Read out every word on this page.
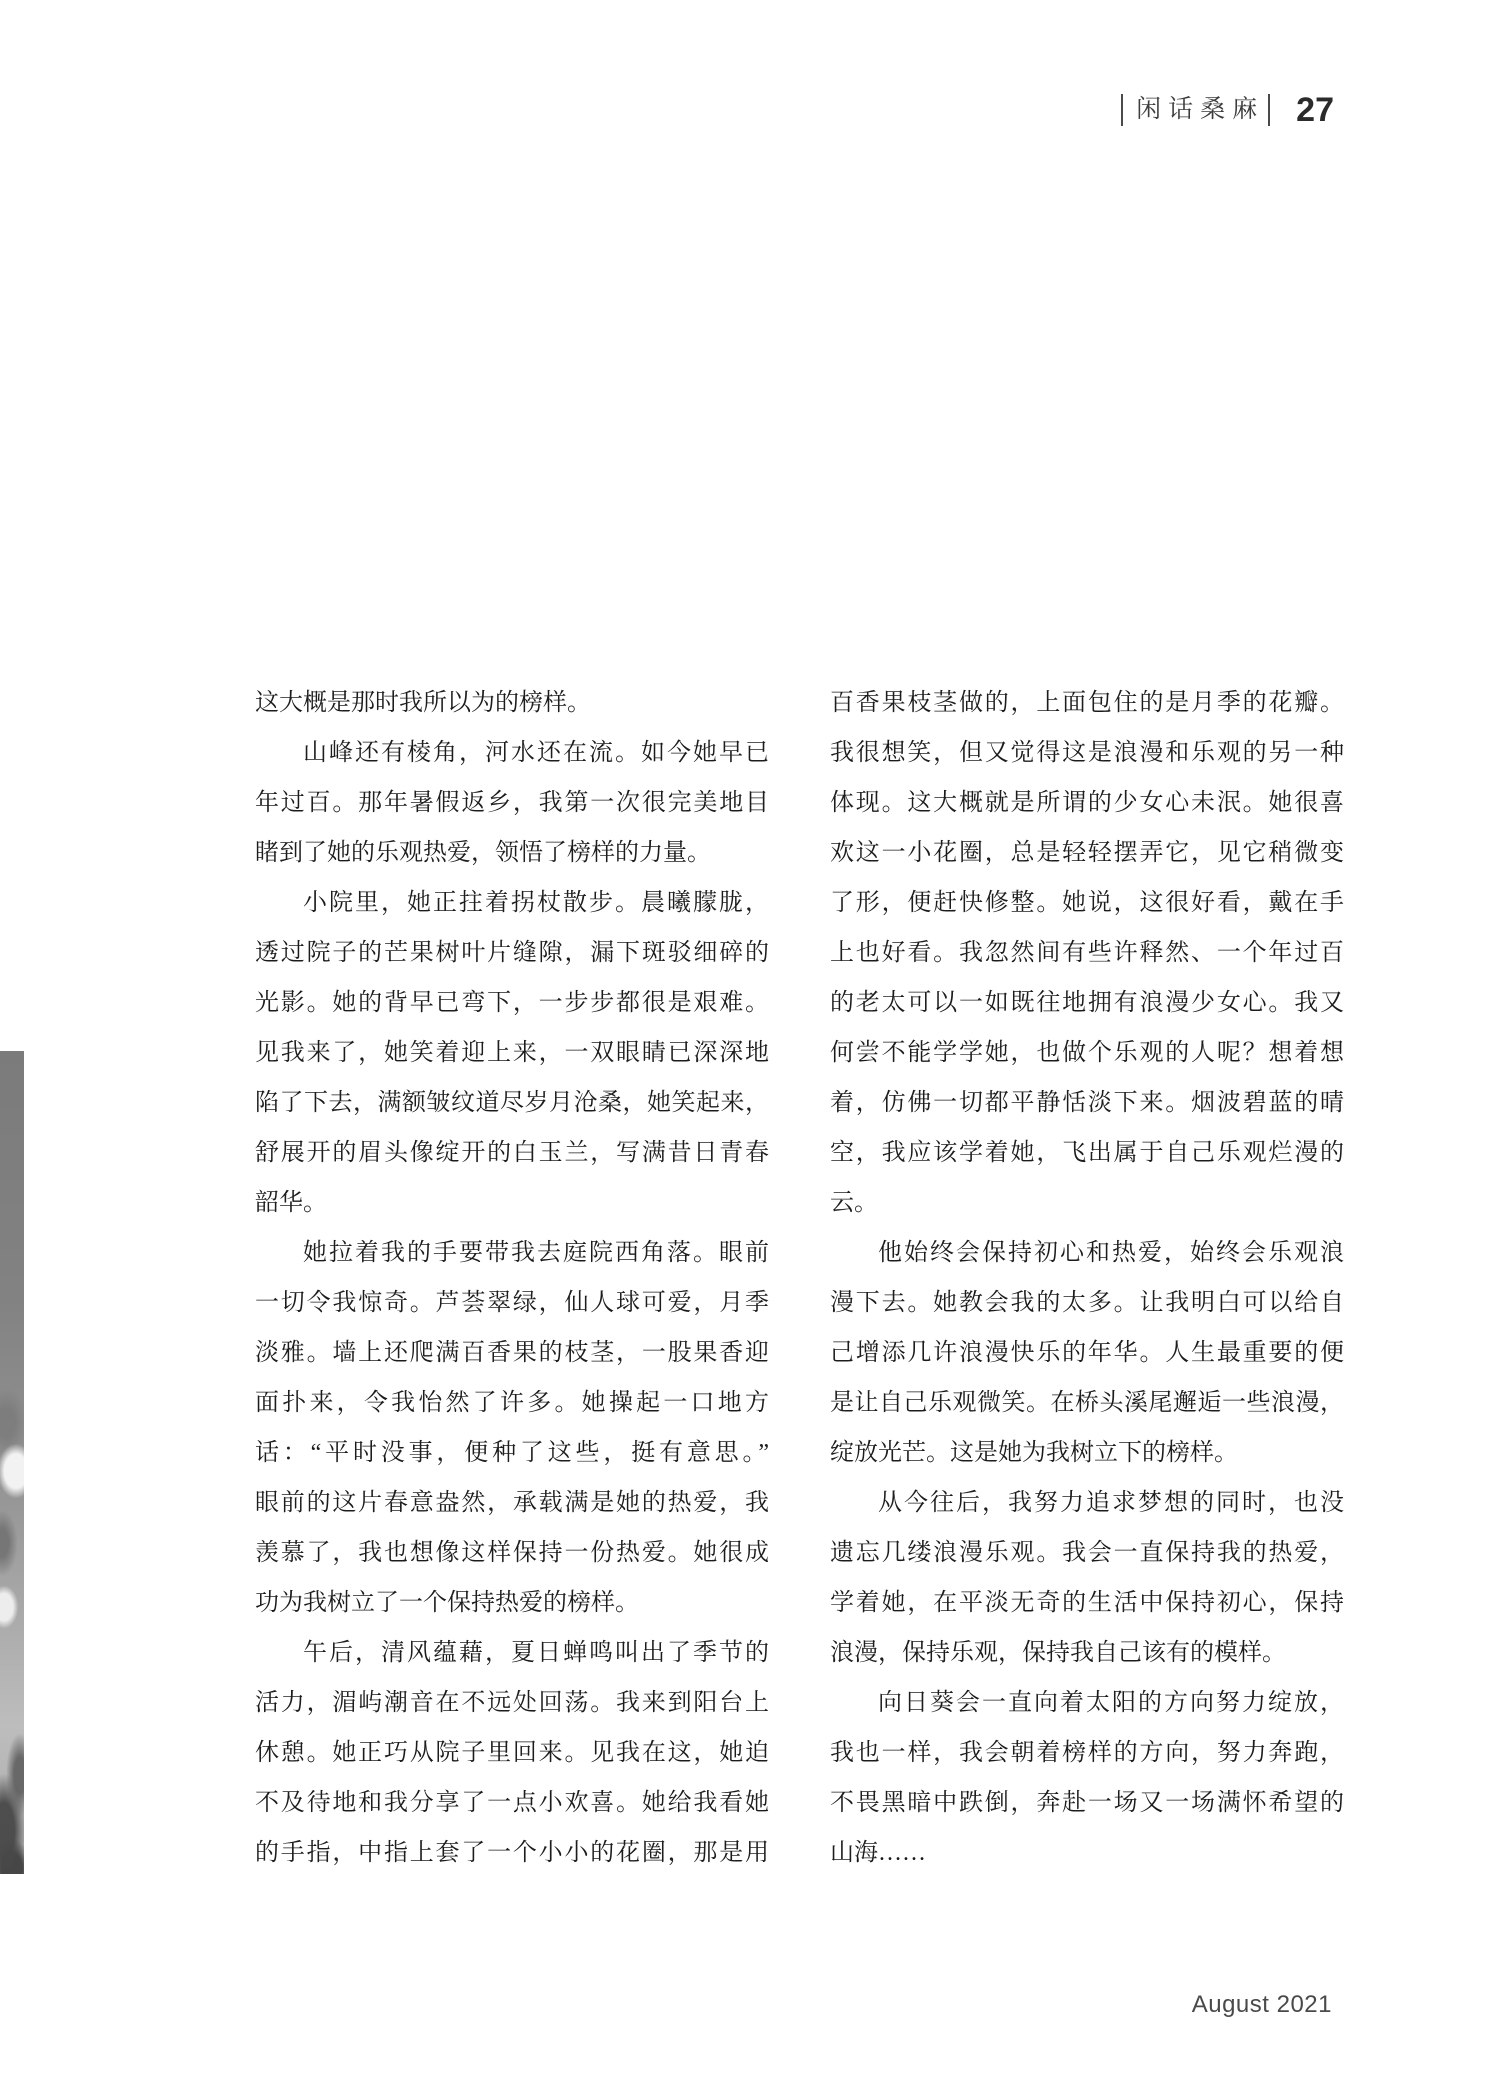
闲话桑麻 27

这大概是那时我所以为的榜样。

山峰还有棱角，河水还在流。如今她早已

年过百。那年暑假返乡，我第一次很完美地目

睹到了她的乐观热爱，领悟了榜样的力量。

小院里，她正拄着拐杖散步。晨曦朦胧，

透过院子的芒果树叶片缝隙，漏下斑驳细碎的

光影。她的背早已弯下，一步步都很是艰难。

见我来了，她笑着迎上来，一双眼睛已深深地

陷了下去，满额皱纹道尽岁月沧桑，她笑起来，

舒展开的眉头像绽开的白玉兰，写满昔日青春

韶华。

她拉着我的手要带我去庭院西角落。眼前

一切令我惊奇。芦荟翠绿，仙人球可爱，月季

淡雅。墙上还爬满百香果的枝茎，一股果香迎

面扑来，令我怡然了许多。她操起一口地方

话：“平时没事，便种了这些，挺有意思。”

眼前的这片春意盎然，承载满是她的热爱，我

羡慕了，我也想像这样保持一份热爱。她很成

功为我树立了一个保持热爱的榜样。

午后，清风蕴藉，夏日蝉鸣叫出了季节的

活力，湄屿潮音在不远处回荡。我来到阳台上

休憩。她正巧从院子里回来。见我在这，她迫

不及待地和我分享了一点小欢喜。她给我看她

的手指，中指上套了一个小小的花圈，那是用

百香果枝茎做的，上面包住的是月季的花瓣。

我很想笑，但又觉得这是浪漫和乐观的另一种

体现。这大概就是所谓的少女心未泯。她很喜

欢这一小花圈，总是轻轻摆弄它，见它稍微变

了形，便赶快修整。她说，这很好看，戴在手

上也好看。我忽然间有些许释然、一个年过百

的老太可以一如既往地拥有浪漫少女心。我又

何尝不能学学她，也做个乐观的人呢？想着想

着，仿佛一切都平静恬淡下来。烟波碧蓝的晴

空，我应该学着她，飞出属于自己乐观烂漫的

云。

他始终会保持初心和热爱，始终会乐观浪

漫下去。她教会我的太多。让我明白可以给自

己增添几许浪漫快乐的年华。人生最重要的便

是让自己乐观微笑。在桥头溪尾邂逅一些浪漫，

绽放光芒。这是她为我树立下的榜样。

从今往后，我努力追求梦想的同时，也没

遗忘几缕浪漫乐观。我会一直保持我的热爱，

学着她，在平淡无奇的生活中保持初心，保持

浪漫，保持乐观，保持我自己该有的模样。

向日葵会一直向着太阳的方向努力绽放，

我也一样，我会朝着榜样的方向，努力奔跑，

不畏黑暗中跌倒，奔赴一场又一场满怀希望的

山海……

August 2021
